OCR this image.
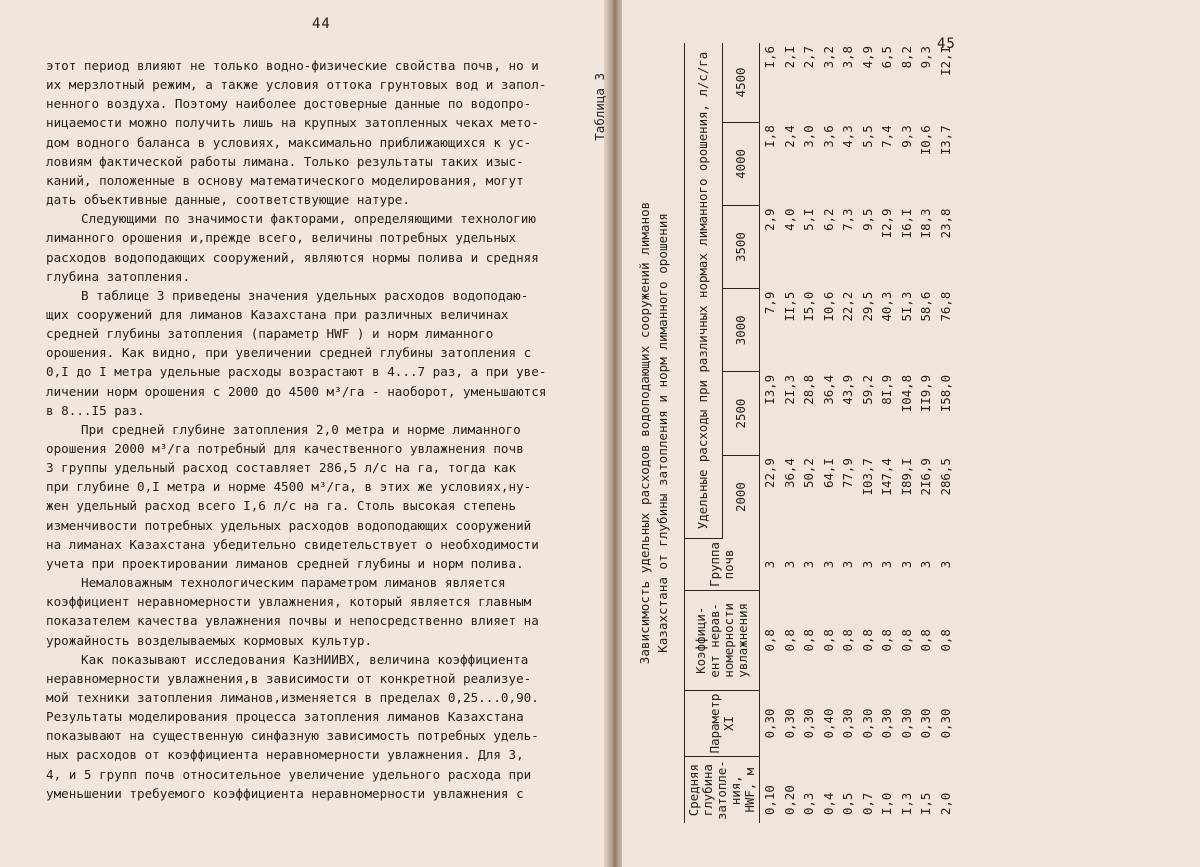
44
этот период влияют не только водно-физические свойства почв, но и
их мерзлотный режим, а также условия оттока грунтовых вод и запол-
ненного воздуха. Поэтому наиболее достоверные данные по водопро-
ницаемости можно получить лишь на крупных затопленных чеках мето-
дом водного баланса в условиях, максимально приближающихся к ус-
ловиям фактической работы лимана. Только результаты таких изыс-
каний, положенные в основу математического моделирования, могут
дать объективные данные, соответствующие натуре.
Следующими по значимости факторами, определяющими технологию
лиманного орошения и,прежде всего, величины потребных удельных
расходов водоподающих сооружений, являются нормы полива и средняя
глубина затопления.
В таблице 3 приведены значения удельных расходов водоподаю-
щих сооружений для лиманов Казахстана при различных величинах
средней глубины затопления (параметр HWF ) и норм лиманного
орошения. Как видно, при увеличении средней глубины затопления с
0,I до I метра удельные расходы возрастают в 4...7 раз, а при уве-
личении норм орошения с 2000 до 4500 м³/га - наоборот, уменьшаются
в 8...I5 раз.
При средней глубине затопления 2,0 метра и норме лиманного
орошения 2000 м³/га потребный для качественного увлажнения почв
3 группы удельный расход составляет 286,5 л/с на га, тогда как
при глубине 0,I метра и норме 4500 м³/га, в этих же условиях,ну-
жен удельный расход всего I,6 л/с на га. Столь высокая степень
изменчивости потребных удельных расходов водоподающих сооружений
на лиманах Казахстана убедительно свидетельствует о необходимости
учета при проектировании лиманов средней глубины и норм полива.
Немаловажным технологическим параметром лиманов является
коэффициент неравномерности увлажнения, который является главным
показателем качества увлажнения почвы и непосредственно влияет на
урожайность возделываемых кормовых культур.
Как показывают исследования КазНИИВХ, величина коэффициента
неравномерности увлажнения,в зависимости от конкретной реализуе-
мой техники затопления лиманов,изменяется в пределах 0,25...0,90.
Результаты моделирования процесса затопления лиманов Казахстана
показывают на существенную синфазную зависимость потребных удель-
ных расходов от коэффициента неравномерности увлажнения. Для 3,
4, и 5 групп почв относительное увеличение удельного расхода при
уменьшении требуемого коэффициента неравномерности увлажнения с
45
Таблица 3
Зависимость удельных расходов водоподающих сооружений лиманов Казахстана от глубины затопления и норм лиманного орошения
Средняя глубина затопле- ния, HWF, м	Параметр XI	Коэффици- ент нерав- номерности увлажнения	Группа почв	Удельные расходы при различных нормах лиманного орошения, л/с/га					
				2000	2500	3000	3500	4000	4500
0,10	0,30	0,8	3	22,9	I3,9	7,9	2,9	I,8	I,6
0,20	0,30	0,8	3	36,4	2I,3	II,5	4,0	2,4	2,I
0,3	0,30	0,8	3	50,2	28,8	I5,0	5,I	3,0	2,7
0,4	0,40	0,8	3	64,I	36,4	I0,6	6,2	3,6	3,2
0,5	0,30	0,8	3	77,9	43,9	22,2	7,3	4,3	3,8
0,7	0,30	0,8	3	I03,7	59,2	29,5	9,5	5,5	4,9
I,0	0,30	0,8	3	I47,4	8I,9	40,3	I2,9	7,4	6,5
I,3	0,30	0,8	3	I89,I	I04,8	5I,3	I6,I	9,3	8,2
I,5	0,30	0,8	3	2I6,9	II9,9	58,6	I8,3	I0,6	9,3
2,0	0,30	0,8	3	286,5	I58,0	76,8	23,8	I3,7	I2,I
